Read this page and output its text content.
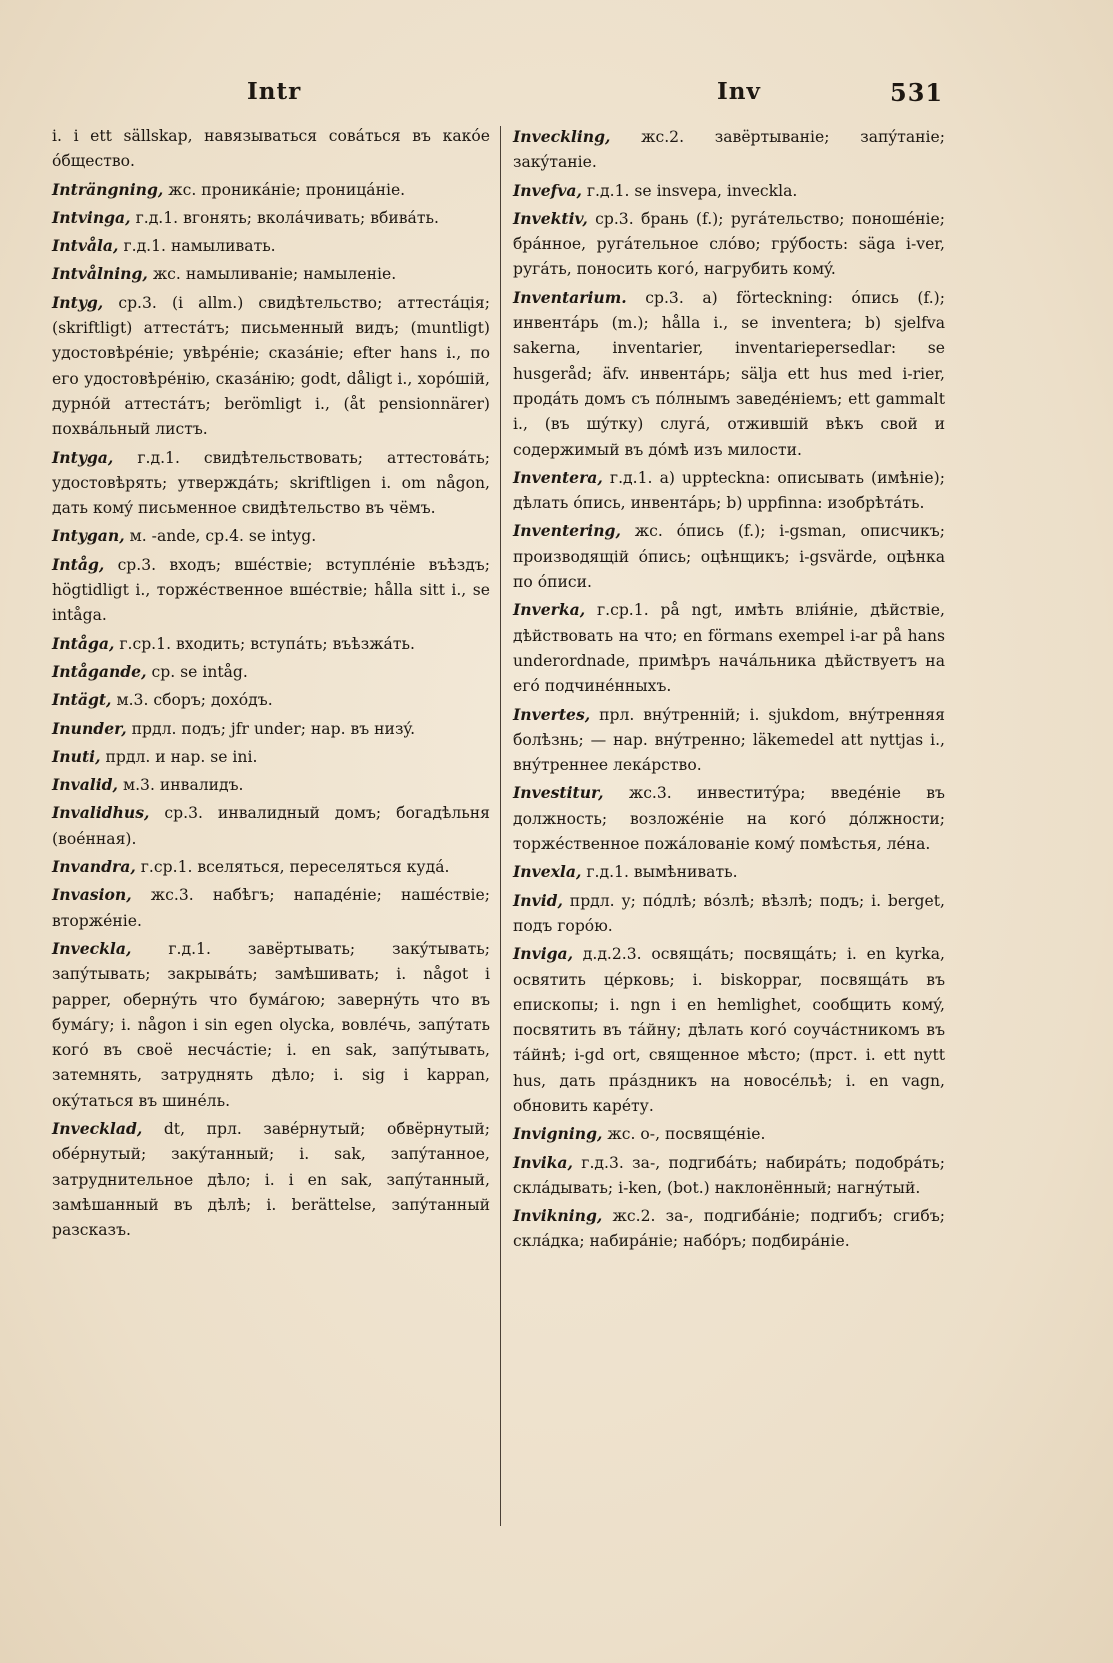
Intr	Inv	531
i. i ett sällskap, навязываться совáться въ какóе óбщество.
Inträngning, жс. проникáніе; проницáніе.
Intvinga, г.д.1. вгонять; вколáчивать; вбивáть.
Intvåla, г.д.1. намыливать.
Intvålning, жс. намыливаніе; намыленіе.
Intyg, ср.3. (i allm.) свидѣтельство; аттестáція; (skriftligt) аттестáтъ; письменный видъ; (muntligt) удостовѣрéніе; увѣрéніе; сказáніе; efter hans i., по его удостовѣрéнію, сказáнію; godt, dåligt i., хорóшій, дурнóй аттестáтъ; berömligt i., (åt pensionnärer) похвáльный листъ.
Intyga, г.д.1. свидѣтельствовать; аттестовáть; удостовѣрять; утверждáть; skriftligen i. om någon, дать комý письменное свидѣтельство въ чёмъ.
Intygan, м. -ande, ср.4. se intyg.
Intåg, ср.3. входъ; вшéствіе; вступлéніе въѣздъ; högtidligt i., торжéственное вшéствіе; hålla sitt i., se intåga.
Intåga, г.ср.1. входить; вступáть; въѣзжáть.
Intågande, ср. se intåg.
Intägt, м.3. сборъ; дохóдъ.
Inunder, прдл. подъ; jfr under; нар. въ низý.
Inuti, прдл. и нар. se ini.
Invalid, м.3. инвалидъ.
Invalidhus, ср.3. инвалидный домъ; богадѣльня (воéнная).
Invandra, г.ср.1. вселяться, переселяться кудá.
Invasion, жс.3. набѣгъ; нападéніе; нашéствіе; вторжéніе.
Inveckla, г.д.1. завёртывать; закýтывать; запýтывать; закрывáть; замѣшивать; i. något i papper, обернýть что бумáгою; завернýть что въ бумáгу; i. någon i sin egen olycka, вовлéчь, запýтать когó въ своё несчáстіе; i. en sak, запýтывать, затемнять, затруднять дѣло; i. sig i kappan, окýтаться въ шинéль.
Invecklad, dt, прл. завéрнутый; обвёрнутый; обéрнутый; закýтанный; i. sak, запýтанное, затруднительное дѣло; i. i en sak, запýтанный, замѣшанный въ дѣлѣ; i. berättelse, запýтанный разсказъ.
Inveckling, жс.2. завёртываніе; запýтаніе; закýтаніе.
Invefva, г.д.1. se insvepa, inveckla.
Invektiv, ср.3. брань (f.); ругáтельство; поношéніе; брáнное, ругáтельное слóво; грýбость: säga i-ver, ругáть, поносить когó, нагрубить комý.
Inventarium. ср.3. a) förteckning: óпись (f.); инвентáрь (m.); hålla i., se inventera; b) sjelfva sakerna, inventarier, inventariepersedlar: se husgeråd; äfv. инвентáрь; sälja ett hus med i-rier, продáть домъ съ пóлнымъ заведéніемъ; ett gammalt i., (въ шýтку) слугá, отжившій вѣкъ свой и содержимый въ дóмѣ изъ милости.
Inventera, г.д.1. a) uppteckna: описывать (имѣніе); дѣлать óпись, инвентáрь; b) uppfinna: изобрѣтáть.
Inventering, жс. óпись (f.); i-gsman, описчикъ; производящій óпись; оцѣнщикъ; i-gsvärde, оцѣнка по óписи.
Inverka, г.ср.1. på ngt, имѣть влія́ніе, дѣйствіе, дѣйствовать на что; en förmans exempel i-ar på hans underordnade, примѣръ начáльника дѣйствуетъ на егó подчинéнныхъ.
Invertes, прл. внýтренній; i. sjukdom, внýтренняя болѣзнь; — нар. внýтренно; läkemedel att nyttjas i., внýтреннее лекáрство.
Investitur, жс.3. инвеститýра; введéніе въ должность; возложéніе на когó дóлжности; торжéственное пожáлованіе комý помѣстья, лéна.
Invexla, г.д.1. вымѣнивать.
Invid, прдл. у; пóдлѣ; вóзлѣ; вѣзлѣ; подъ; i. berget, подъ горóю.
Inviga, д.д.2.3. освящáть; посвящáть; i. en kyrka, освятить цéрковь; i. biskoppar, посвящáть въ епископы; i. ngn i en hemlighet, сообщить комý, посвятить въ тáйну; дѣлать когó соучáстникомъ въ тáйнѣ; i-gd ort, священное мѣсто; (прст. i. ett nytt hus, дать прáздникъ на новосéльѣ; i. en vagn, обновить карéту.
Invigning, жс. о-, посвящéніе.
Invika, г.д.3. за-, подгибáть; набирáть; подобрáть; склáдывать; i-ken, (bot.) наклонённый; нагнýтый.
Invikning, жс.2. за-, подгибáніе; подгибъ; сгибъ; склáдка; набирáніе; набóръ; подбирáніе.
